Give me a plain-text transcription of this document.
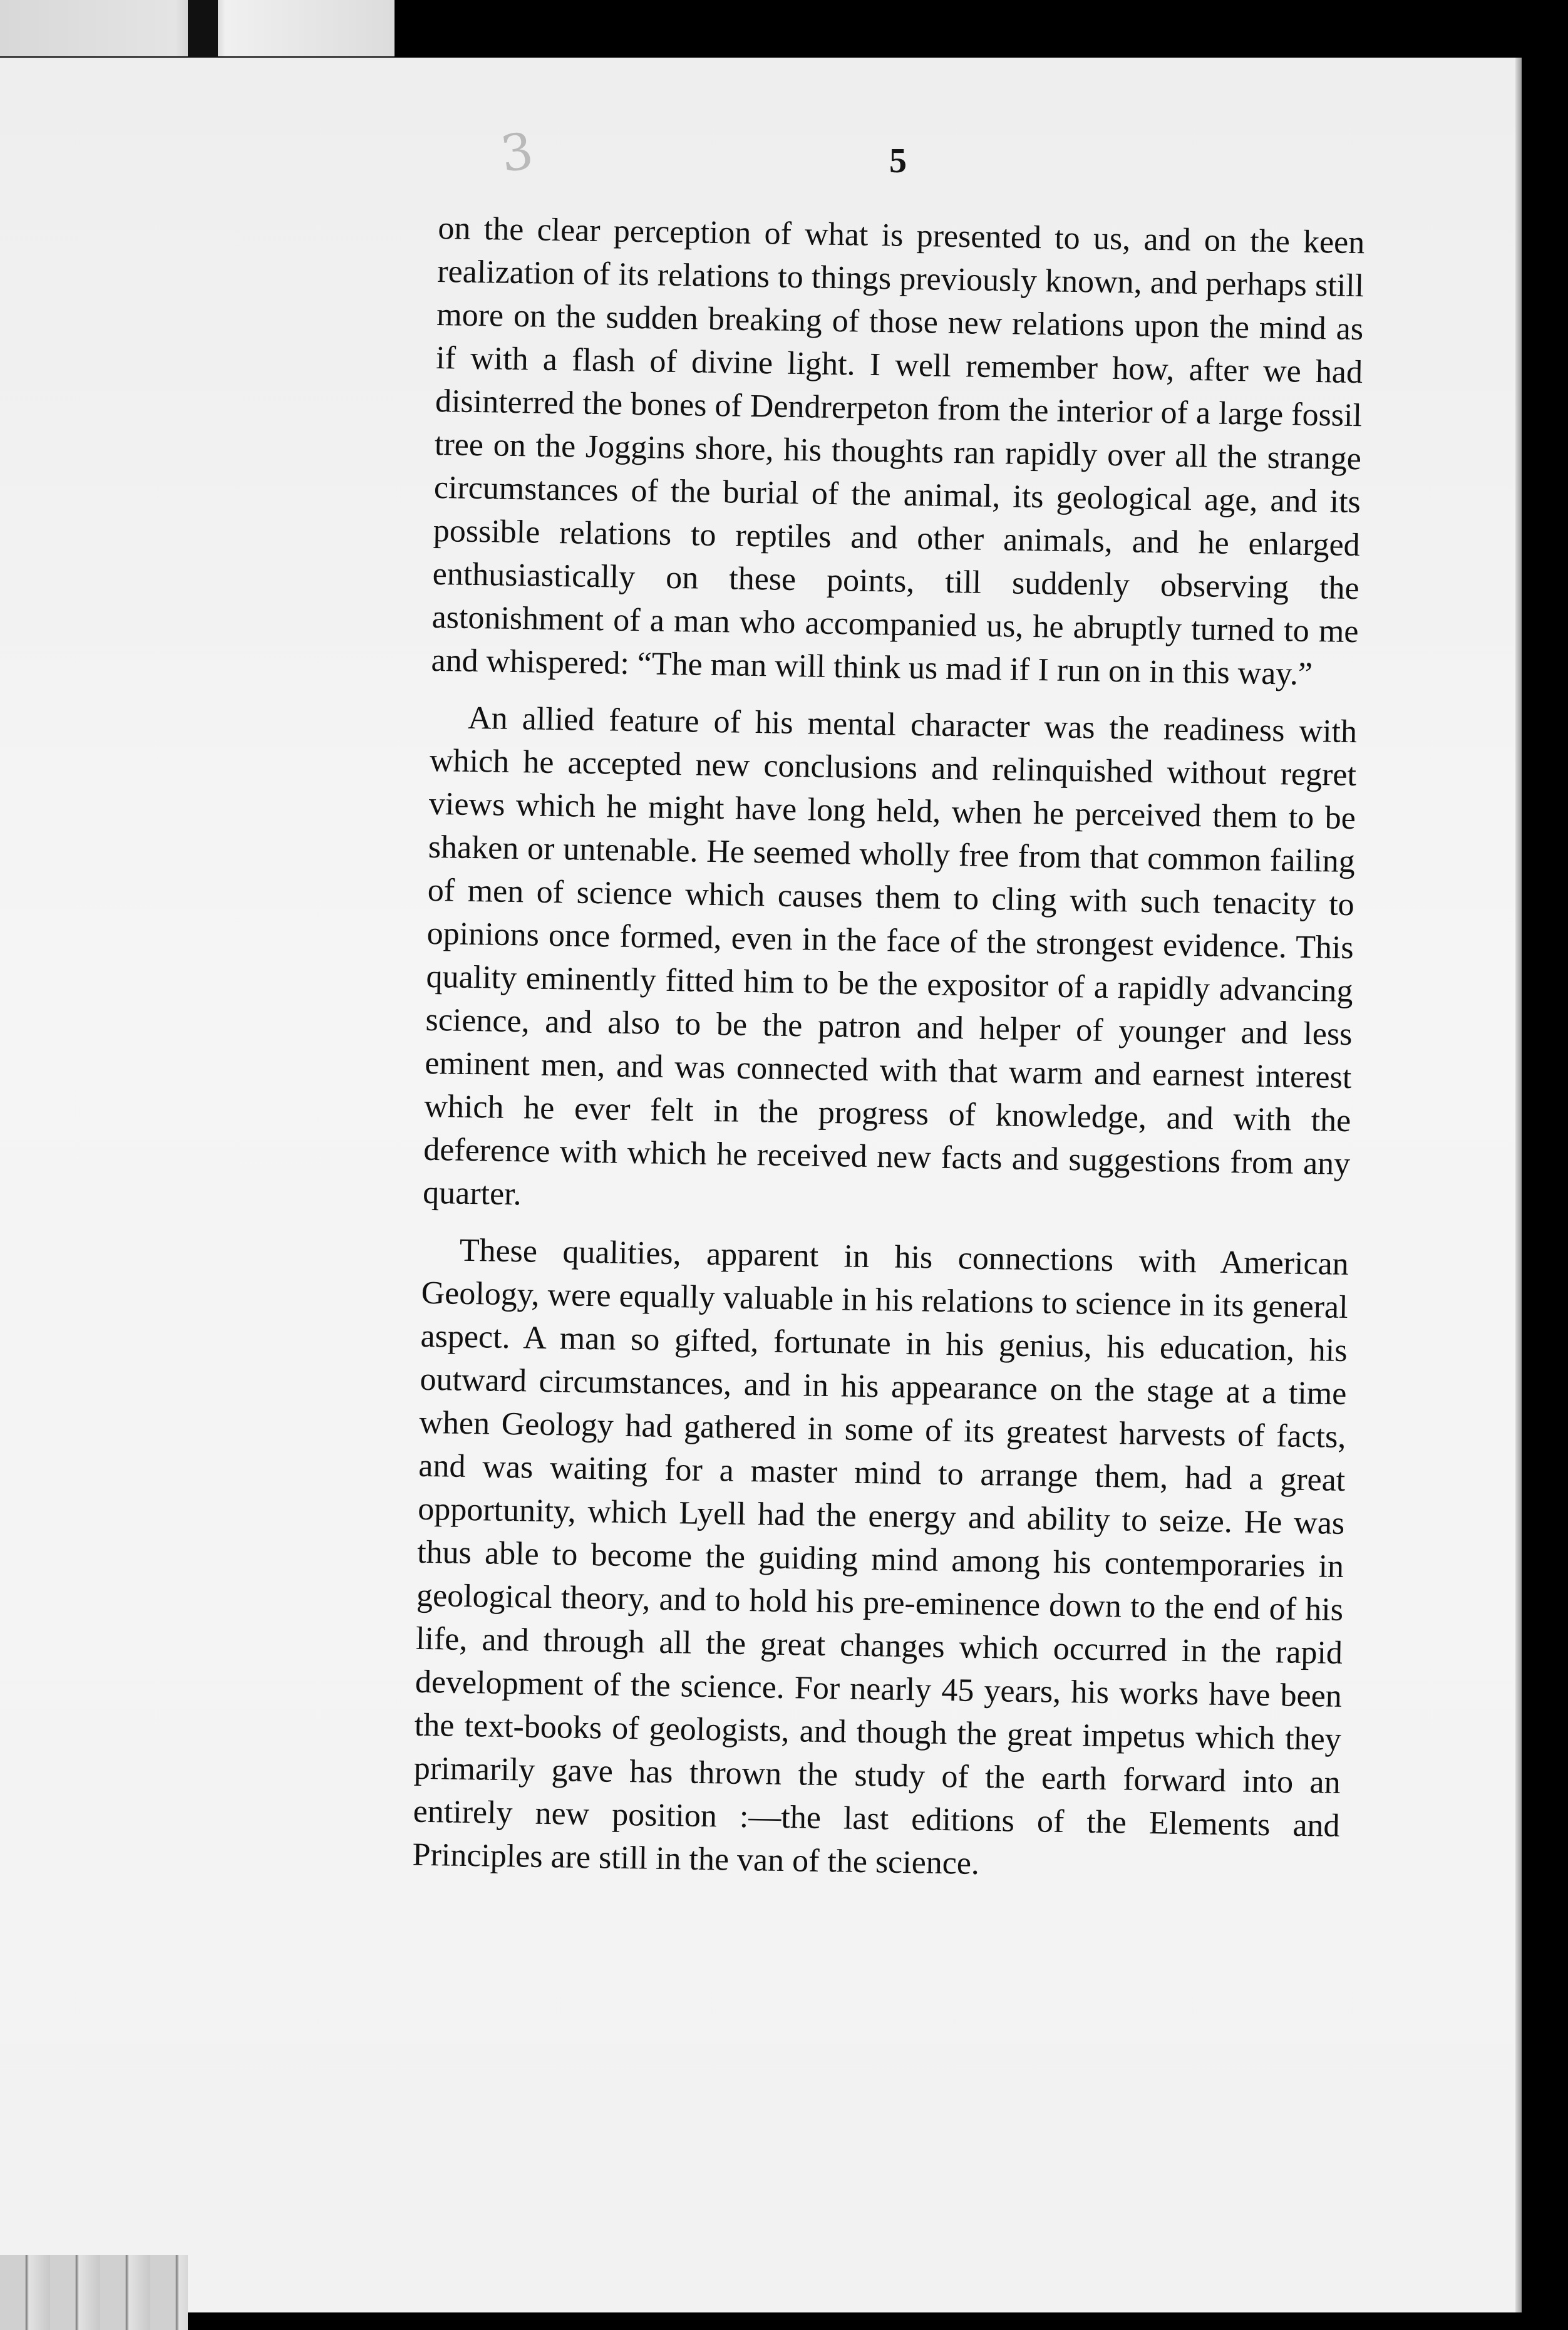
3	5

on the clear perception of what is presented to us, and on the keen realization of its relations to things previously known, and perhaps still more on the sudden breaking of those new relations upon the mind as if with a flash of divine light. I well remember how, after we had disinterred the bones of Dendrerpeton from the interior of a large fossil tree on the Joggins shore, his thoughts ran rapidly over all the strange circumstances of the burial of the animal, its geological age, and its possible relations to reptiles and other animals, and he enlarged enthusiastically on these points, till suddenly observing the astonishment of a man who accompanied us, he abruptly turned to me and whispered: “The man will think us mad if I run on in this way.”

An allied feature of his mental character was the readiness with which he accepted new conclusions and relinquished without regret views which he might have long held, when he perceived them to be shaken or untenable. He seemed wholly free from that common failing of men of science which causes them to cling with such tenacity to opinions once formed, even in the face of the strongest evidence. This quality eminently fitted him to be the expositor of a rapidly advancing science, and also to be the patron and helper of younger and less eminent men, and was connected with that warm and earnest interest which he ever felt in the progress of knowledge, and with the deference with which he received new facts and suggestions from any quarter.

These qualities, apparent in his connections with American Geology, were equally valuable in his relations to science in its general aspect. A man so gifted, fortunate in his genius, his education, his outward circumstances, and in his appearance on the stage at a time when Geology had gathered in some of its greatest harvests of facts, and was waiting for a master mind to arrange them, had a great opportunity, which Lyell had the energy and ability to seize. He was thus able to become the guiding mind among his contemporaries in geological theory, and to hold his pre-eminence down to the end of his life, and through all the great changes which occurred in the rapid development of the science. For nearly 45 years, his works have been the text-books of geologists, and though the great impetus which they primarily gave has thrown the study of the earth forward into an entirely new position :—the last editions of the Elements and Principles are still in the van of the science.
